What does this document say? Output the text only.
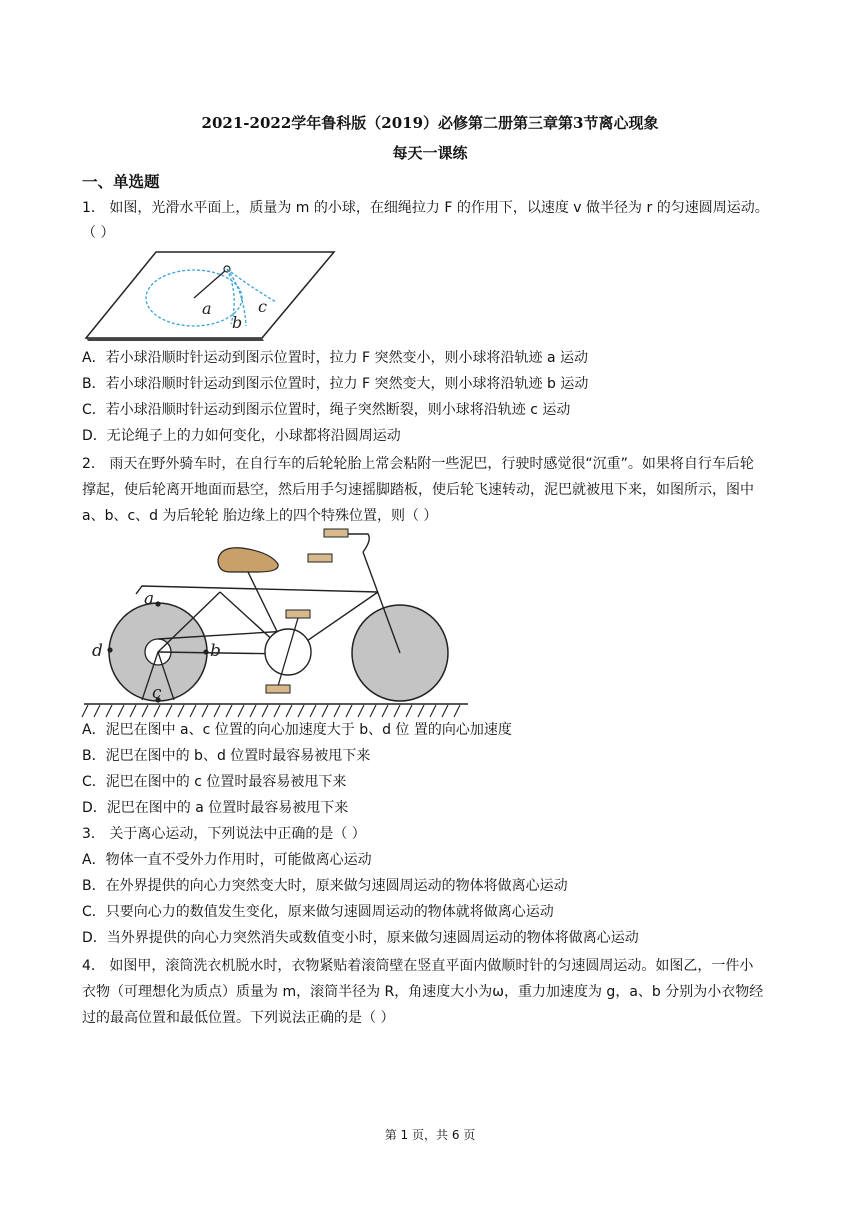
2021-2022学年鲁科版（2019）必修第二册第三章第3节离心现象
每天一课练
一、单选题
1． 如图，光滑水平面上，质量为 m 的小球，在细绳拉力 F 的作用下，以速度 v 做半径为 r 的匀速圆周运动。
（ ）
a
b
c
A．若小球沿顺时针运动到图示位置时，拉力 F 突然变小，则小球将沿轨迹 a 运动
B．若小球沿顺时针运动到图示位置时，拉力 F 突然变大，则小球将沿轨迹 b 运动
C．若小球沿顺时针运动到图示位置时，绳子突然断裂，则小球将沿轨迹 c 运动
D．无论绳子上的力如何变化，小球都将沿圆周运动
2． 雨天在野外骑车时，在自行车的后轮轮胎上常会粘附一些泥巴，行驶时感觉很“沉重”。如果将自行车后轮
撑起，使后轮离开地面而悬空，然后用手匀速摇脚踏板，使后轮飞速转动，泥巴就被甩下来，如图所示，图中
a、b、c、d 为后轮轮 胎边缘上的四个特殊位置，则（ ）
a
b
c
d
A．泥巴在图中 a、c 位置的向心加速度大于 b、d 位 置的向心加速度
B．泥巴在图中的 b、d 位置时最容易被甩下来
C．泥巴在图中的 c 位置时最容易被甩下来
D．泥巴在图中的 a 位置时最容易被甩下来
3． 关于离心运动，下列说法中正确的是（ ）
A．物体一直不受外力作用时，可能做离心运动
B．在外界提供的向心力突然变大时，原来做匀速圆周运动的物体将做离心运动
C．只要向心力的数值发生变化，原来做匀速圆周运动的物体就将做离心运动
D．当外界提供的向心力突然消失或数值变小时，原来做匀速圆周运动的物体将做离心运动
4． 如图甲，滚筒洗衣机脱水时，衣物紧贴着滚筒壁在竖直平面内做顺时针的匀速圆周运动。如图乙，一件小
衣物（可理想化为质点）质量为 m，滚筒半径为 R，角速度大小为ω，重力加速度为 g，a、b 分别为小衣物经
过的最高位置和最低位置。下列说法正确的是（ ）
第 1 页，共 6 页
